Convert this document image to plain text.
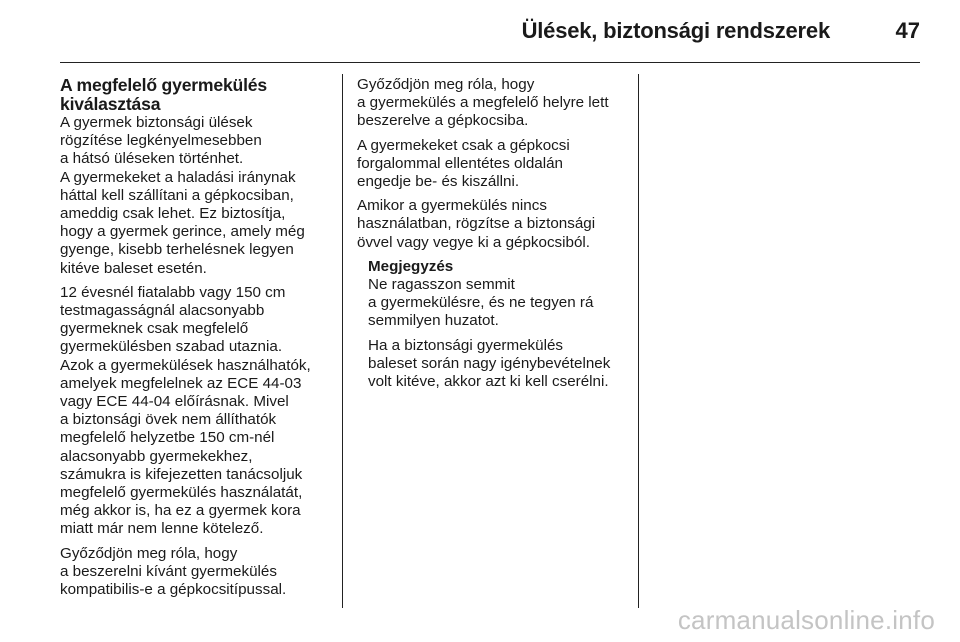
Ülések, biztonsági rendszerek	47
A megfelelő gyermekülés
kiválasztása

A gyermek biztonsági ülések
rögzítése legkényelmesebben
a hátsó üléseken történhet.
A gyermekeket a haladási iránynak
háttal kell szállítani a gépkocsiban,
ameddig csak lehet. Ez biztosítja,
hogy a gyermek gerince, amely még
gyenge, kisebb terhelésnek legyen
kitéve baleset esetén.

12 évesnél fiatalabb vagy 150 cm
testmagasságnál alacsonyabb
gyermeknek csak megfelelő
gyermekülésben szabad utaznia.
Azok a gyermekülések használhatók,
amelyek megfelelnek az ECE 44-03
vagy ECE 44-04 előírásnak. Mivel
a biztonsági övek nem állíthatók
megfelelő helyzetbe 150 cm-nél
alacsonyabb gyermekekhez,
számukra is kifejezetten tanácsoljuk
megfelelő gyermekülés használatát,
még akkor is, ha ez a gyermek kora
miatt már nem lenne kötelező.

Győződjön meg róla, hogy
a beszerelni kívánt gyermekülés
kompatibilis-e a gépkocsitípussal.

Győződjön meg róla, hogy
a gyermekülés a megfelelő helyre lett
beszerelve a gépkocsiba.

A gyermekeket csak a gépkocsi
forgalommal ellentétes oldalán
engedje be- és kiszállni.

Amikor a gyermekülés nincs
használatban, rögzítse a biztonsági
övvel vagy vegye ki a gépkocsiból.

Megjegyzés

Ne ragasszon semmit
a gyermekülésre, és ne tegyen rá
semmilyen huzatot.

Ha a biztonsági gyermekülés
baleset során nagy igénybevételnek
volt kitéve, akkor azt ki kell cserélni.

carmanualsonline.info
